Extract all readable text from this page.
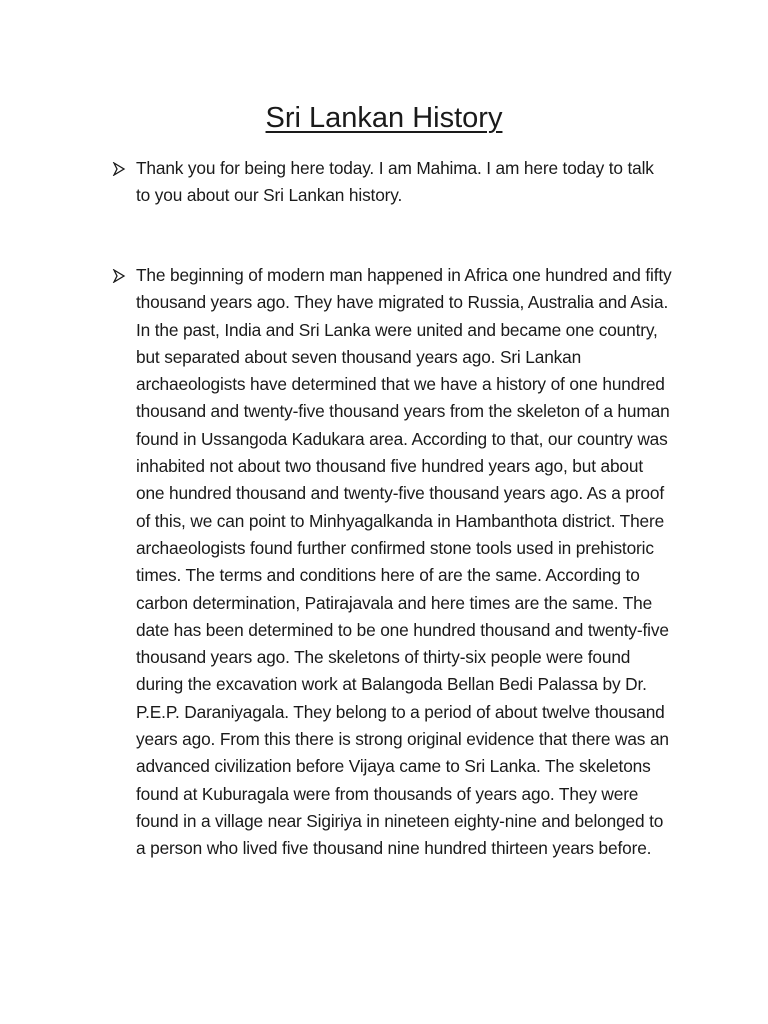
Sri Lankan History

Thank you for being here today. I am Mahima. I am here today to talk to you about our Sri Lankan history.

The beginning of modern man happened in Africa one hundred and fifty thousand years ago. They have migrated to Russia, Australia and Asia. In the past, India and Sri Lanka were united and became one country, but separated about seven thousand years ago. Sri Lankan archaeologists have determined that we have a history of one hundred thousand and twenty-five thousand years from the skeleton of a human found in Ussangoda Kadukara area. According to that, our country was inhabited not about two thousand five hundred years ago, but about one hundred thousand and twenty-five thousand years ago. As a proof of this, we can point to Minhyagalkanda in Hambanthota district. There archaeologists found further confirmed stone tools used in prehistoric times. The terms and conditions here of are the same. According to carbon determination, Patirajavala and here times are the same. The date has been determined to be one hundred thousand and twenty-five thousand years ago. The skeletons of thirty-six people were found during the excavation work at Balangoda Bellan Bedi Palassa by Dr. P.E.P. Daraniyagala. They belong to a period of about twelve thousand years ago. From this there is strong original evidence that there was an advanced civilization before Vijaya came to Sri Lanka. The skeletons found at Kuburagala were from thousands of years ago. They were found in a village near Sigiriya in nineteen eighty-nine and belonged to a person who lived five thousand nine hundred thirteen years before.
